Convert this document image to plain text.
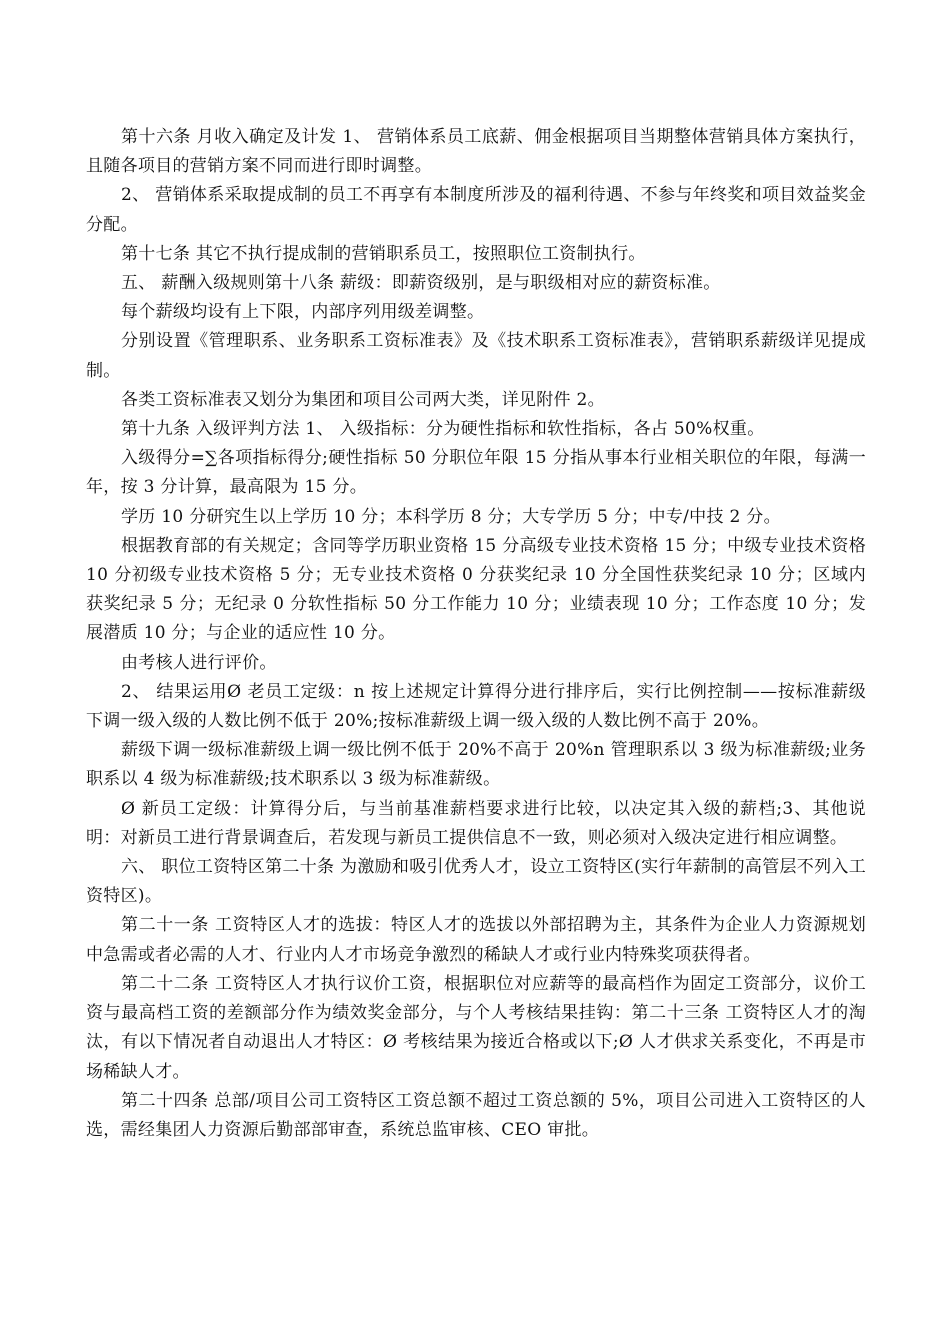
第十六条 月收入确定及计发 1、 营销体系员工底薪、佣金根据项目当期整体营销具体方案执行，且随各项目的营销方案不同而进行即时调整。

2、 营销体系采取提成制的员工不再享有本制度所涉及的福利待遇、不参与年终奖和项目效益奖金分配。

第十七条 其它不执行提成制的营销职系员工，按照职位工资制执行。

五、 薪酬入级规则第十八条 薪级：即薪资级别，是与职级相对应的薪资标准。

每个薪级均设有上下限，内部序列用级差调整。

分别设置《管理职系、业务职系工资标准表》及《技术职系工资标准表》，营销职系薪级详见提成制。

各类工资标准表又划分为集团和项目公司两大类，详见附件 2。

第十九条 入级评判方法 1、 入级指标：分为硬性指标和软性指标，各占 50%权重。

入级得分=∑各项指标得分;硬性指标 50 分职位年限 15 分指从事本行业相关职位的年限，每满一年，按 3 分计算，最高限为 15 分。

学历 10 分研究生以上学历 10 分；本科学历 8 分；大专学历 5 分；中专/中技 2 分。

根据教育部的有关规定；含同等学历职业资格 15 分高级专业技术资格 15 分；中级专业技术资格 10 分初级专业技术资格 5 分；无专业技术资格 0 分获奖纪录 10 分全国性获奖纪录 10 分；区域内获奖纪录 5 分；无纪录 0 分软性指标 50 分工作能力 10 分；业绩表现 10 分；工作态度 10 分；发展潜质 10 分；与企业的适应性 10 分。

由考核人进行评价。

2、 结果运用Ø 老员工定级：n 按上述规定计算得分进行排序后，实行比例控制——按标准薪级下调一级入级的人数比例不低于 20%;按标准薪级上调一级入级的人数比例不高于 20%。

薪级下调一级标准薪级上调一级比例不低于 20%不高于 20%n 管理职系以 3 级为标准薪级;业务职系以 4 级为标准薪级;技术职系以 3 级为标准薪级。

Ø 新员工定级：计算得分后，与当前基准薪档要求进行比较，以决定其入级的薪档;3、其他说明：对新员工进行背景调查后，若发现与新员工提供信息不一致，则必须对入级决定进行相应调整。

六、 职位工资特区第二十条 为激励和吸引优秀人才，设立工资特区(实行年薪制的高管层不列入工资特区)。

第二十一条 工资特区人才的选拔：特区人才的选拔以外部招聘为主，其条件为企业人力资源规划中急需或者必需的人才、行业内人才市场竞争激烈的稀缺人才或行业内特殊奖项获得者。

第二十二条 工资特区人才执行议价工资，根据职位对应薪等的最高档作为固定工资部分，议价工资与最高档工资的差额部分作为绩效奖金部分，与个人考核结果挂钩：第二十三条 工资特区人才的淘汰，有以下情况者自动退出人才特区：Ø 考核结果为接近合格或以下;Ø 人才供求关系变化，不再是市场稀缺人才。

第二十四条 总部/项目公司工资特区工资总额不超过工资总额的 5%，项目公司进入工资特区的人选，需经集团人力资源后勤部部审查，系统总监审核、CEO 审批。
